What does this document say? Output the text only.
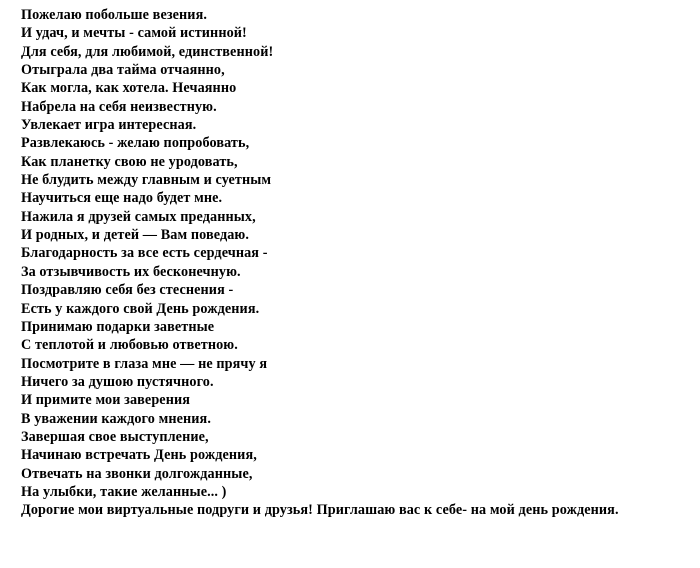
Пожелаю побольше везения.
И удач, и мечты - самой истинной!
Для себя, для любимой, единственной!
Отыграла два тайма отчаянно,
Как могла, как хотела. Нечаянно
Набрела на себя неизвестную.
Увлекает игра интересная.
Развлекаюсь - желаю попробовать,
Как планетку свою не уродовать,
Не блудить между главным и суетным
Научиться еще надо будет мне.
Нажила я друзей самых преданных,
И родных, и детей — Вам поведаю.
Благодарность за все есть сердечная -
За отзывчивость их бесконечную.
Поздравляю себя без стеснения -
Есть у каждого свой День рождения.
Принимаю подарки заветные
С теплотой и любовью ответною.
Посмотрите в глаза мне — не прячу я
Ничего за душою пустячного.
И примите мои заверения
В уважении каждого мнения.
Завершая свое выступление,
Начинаю встречать День рождения,
Отвечать на звонки долгожданные,
На улыбки, такие желанные... )
Дорогие мои виртуальные подруги и друзья! Приглашаю вас к себе- на мой день рождения.
